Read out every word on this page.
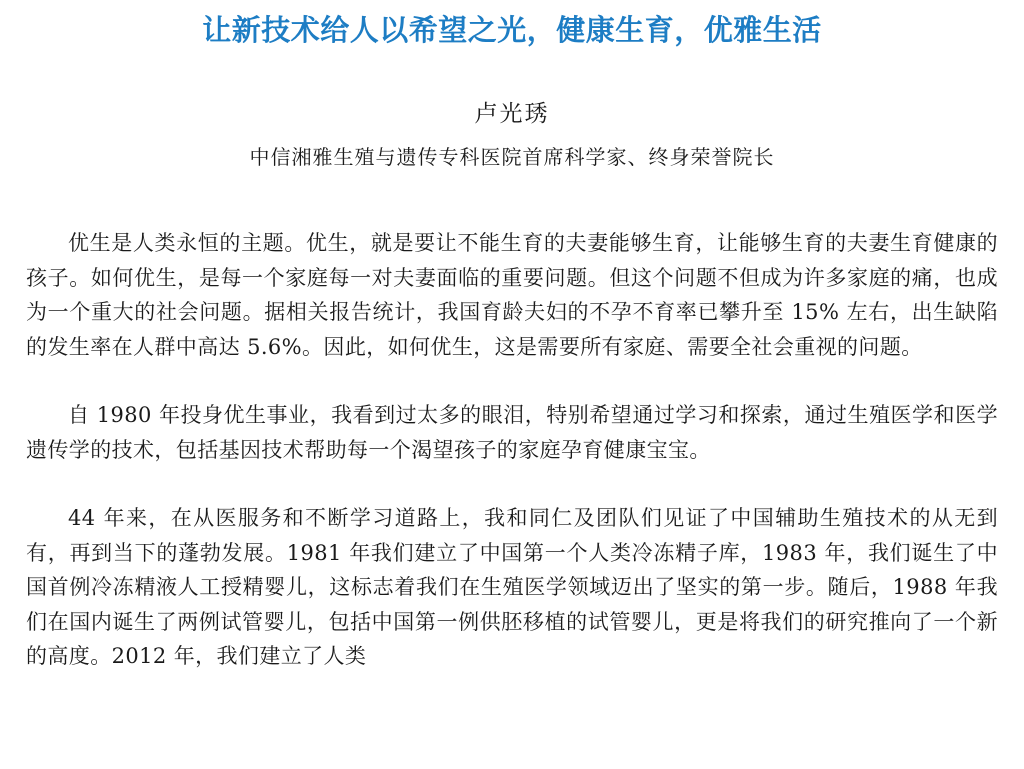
让新技术给人以希望之光，健康生育，优雅生活
卢光琇
中信湘雅生殖与遗传专科医院首席科学家、终身荣誉院长

优生是人类永恒的主题。优生，就是要让不能生育的夫妻能够生育，让能够生育的夫妻生育健康的孩子。如何优生，是每一个家庭每一对夫妻面临的重要问题。但这个问题不但成为许多家庭的痛，也成为一个重大的社会问题。据相关报告统计，我国育龄夫妇的不孕不育率已攀升至 15% 左右，出生缺陷的发生率在人群中高达 5.6%。因此，如何优生，这是需要所有家庭、需要全社会重视的问题。

自 1980 年投身优生事业，我看到过太多的眼泪，特别希望通过学习和探索，通过生殖医学和医学遗传学的技术，包括基因技术帮助每一个渴望孩子的家庭孕育健康宝宝。

44 年来，在从医服务和不断学习道路上，我和同仁及团队们见证了中国辅助生殖技术的从无到有，再到当下的蓬勃发展。1981 年我们建立了中国第一个人类冷冻精子库，1983 年，我们诞生了中国首例冷冻精液人工授精婴儿，这标志着我们在生殖医学领域迈出了坚实的第一步。随后，1988 年我们在国内诞生了两例试管婴儿，包括中国第一例供胚移植的试管婴儿，更是将我们的研究推向了一个新的高度。2012 年，我们建立了人类
